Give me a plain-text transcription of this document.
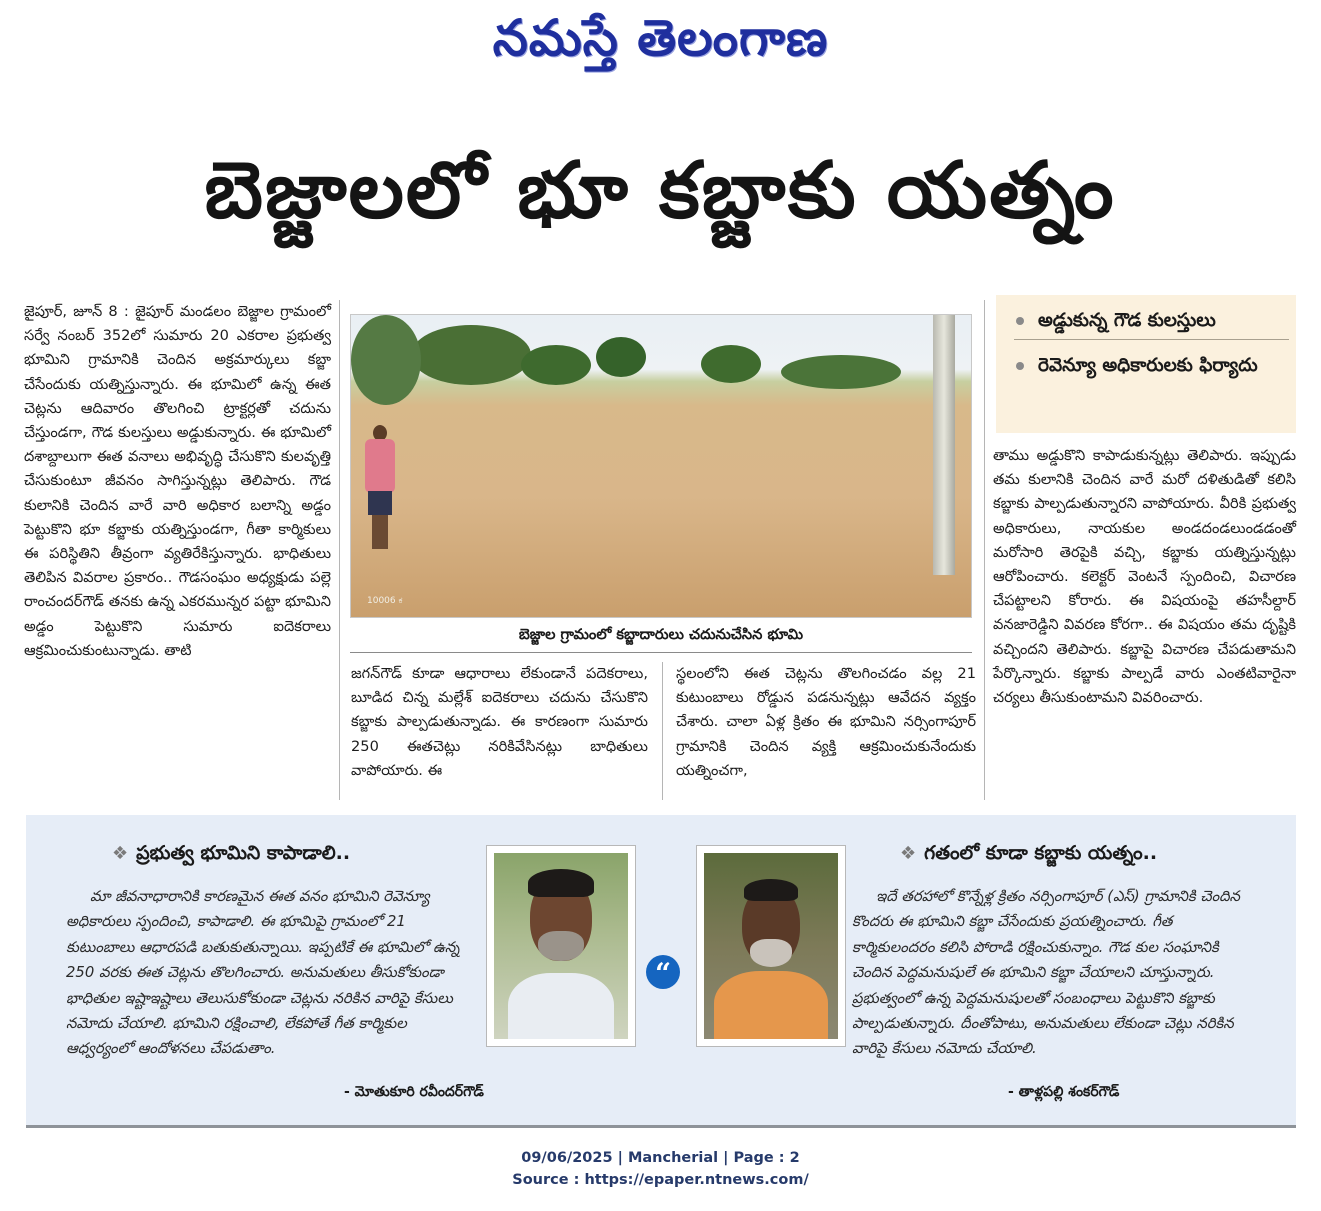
నమస్తే తెలంగాణ
బెజ్జాలలో భూ కబ్జాకు యత్నం

జైపూర్, జూన్ 8 : జైపూర్ మండలం బెజ్జాల గ్రామంలో సర్వే నంబర్ 352లో సుమారు 20 ఎకరాల ప్రభుత్వ భూమిని గ్రామానికి చెందిన అక్రమార్కులు కబ్జా చేసేందుకు యత్నిస్తున్నారు. ఈ భూమిలో ఉన్న ఈత చెట్లను ఆదివారం తొలగించి ట్రాక్టర్లతో చదును చేస్తుండగా, గౌడ కులస్తులు అడ్డుకున్నారు. ఈ భూమిలో దశాబ్దాలుగా ఈత వనాలు అభివృద్ధి చేసుకొని కులవృత్తి చేసుకుంటూ జీవనం సాగిస్తున్నట్లు తెలిపారు. గౌడ కులానికి చెందిన వారే వారి అధికార బలాన్ని అడ్డం పెట్టుకొని భూ కబ్జాకు యత్నిస్తుండగా, గీతా కార్మికులు ఈ పరిస్థితిని తీవ్రంగా వ్యతిరేకిస్తున్నారు. భాధితులు తెలిపిన వివరాల ప్రకారం.. గౌడసంఘం అధ్యక్షుడు పల్లె రాంచందర్‌గౌడ్ తనకు ఉన్న ఎకరమున్నర పట్టా భూమిని అడ్డం పెట్టుకొని సుమారు ఐదెకరాలు ఆక్రమించుకుంటున్నాడు. తాటి

10006 ಕ
బెజ్జాల గ్రామంలో కబ్జాదారులు చదునుచేసిన భూమి

జగన్‌గౌడ్ కూడా ఆధారాలు లేకుండానే పదెకరాలు, బూడిద చిన్న మల్లేశ్ ఐదెకరాలు చదును చేసుకొని కబ్జాకు పాల్పడుతున్నాడు. ఈ కారణంగా సుమారు 250 ఈతచెట్లు నరికివేసినట్లు బాధితులు వాపోయారు. ఈ

స్థలంలోని ఈత చెట్లను తొలగించడం వల్ల 21 కుటుంబాలు రోడ్డున పడనున్నట్లు ఆవేదన వ్యక్తం చేశారు. చాలా ఏళ్ల క్రితం ఈ భూమిని నర్సింగాపూర్ గ్రామానికి చెందిన వ్యక్తి ఆక్రమించుకునేందుకు యత్నించగా,

అడ్డుకున్న గౌడ కులస్తులు
రెవెన్యూ అధికారులకు ఫిర్యాదు

తాము అడ్డుకొని కాపాడుకున్నట్లు తెలిపారు. ఇప్పుడు తమ కులానికి చెందిన వారే మరో దళితుడితో కలిసి కబ్జాకు పాల్పడుతున్నారని వాపోయారు. వీరికి ప్రభుత్వ అధికారులు, నాయకుల అండదండలుండడంతో మరోసారి తెరపైకి వచ్చి, కబ్జాకు యత్నిస్తున్నట్లు ఆరోపించారు. కలెక్టర్ వెంటనే స్పందించి, విచారణ చేపట్టాలని కోరారు. ఈ విషయంపై తహసీల్దార్ వనజారెడ్డిని వివరణ కోరగా.. ఈ విషయం తమ దృష్టికి వచ్చిందని తెలిపారు. కబ్జాపై విచారణ చేపడుతామని పేర్కొన్నారు. కబ్జాకు పాల్పడే వారు ఎంతటివారైనా చర్యలు తీసుకుంటామని వివరించారు.

❖ ప్రభుత్వ భూమిని కాపాడాలి..

మా జీవనాధారానికి కారణమైన ఈత వనం భూమిని రెవెన్యూ అధికారులు స్పందించి, కాపాడాలి. ఈ భూమిపై గ్రామంలో 21 కుటుంబాలు ఆధారపడి బతుకుతున్నాయి. ఇప్పటికే ఈ భూమిలో ఉన్న 250 వరకు ఈత చెట్లను తొలగించారు. అనుమతులు తీసుకోకుండా భాధితుల ఇష్టాఇష్టాలు తెలుసుకోకుండా చెట్లను నరికిన వారిపై కేసులు నమోదు చేయాలి. భూమిని రక్షించాలి, లేకపోతే గీత కార్మికుల ఆధ్వర్యంలో ఆందోళనలు చేపడుతాం.

- మోతుకూరి రవీందర్‌గౌడ్
“
❖ గతంలో కూడా కబ్జాకు యత్నం..

ఇదే తరహాలో కొన్నేళ్ల క్రితం నర్సింగాపూర్ (ఎస్) గ్రామానికి చెందిన కొందరు ఈ భూమిని కబ్జా చేసేందుకు ప్రయత్నించారు. గీత కార్మికులందరం కలిసి పోరాడి రక్షించుకున్నాం. గౌడ కుల సంఘానికి చెందిన పెద్దమనుషులే ఈ భూమిని కబ్జా చేయాలని చూస్తున్నారు. ప్రభుత్వంలో ఉన్న పెద్దమనుషులతో సంబంధాలు పెట్టుకొని కబ్జాకు పాల్పడుతున్నారు. దీంతోపాటు, అనుమతులు లేకుండా చెట్లు నరికిన వారిపై కేసులు నమోదు చేయాలి.

- తాళ్లపల్లి శంకర్‌గౌడ్
09/06/2025 | Mancherial | Page : 2
Source : https://epaper.ntnews.com/
